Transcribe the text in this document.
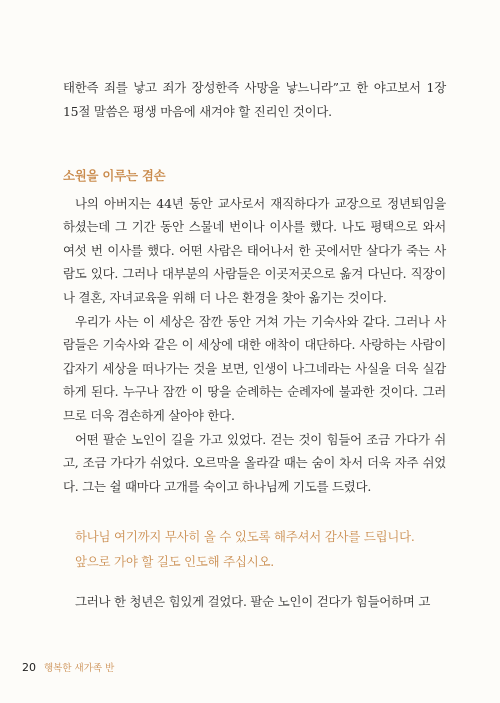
태한즉 죄를 낳고 죄가 장성한즉 사망을 낳느니라”고 한 야고보서 1장 15절 말씀은 평생 마음에 새겨야 할 진리인 것이다.

소원을 이루는 겸손

나의 아버지는 44년 동안 교사로서 재직하다가 교장으로 정년퇴임을 하셨는데 그 기간 동안 스물네 번이나 이사를 했다. 나도 평택으로 와서 여섯 번 이사를 했다. 어떤 사람은 태어나서 한 곳에서만 살다가 죽는 사람도 있다. 그러나 대부분의 사람들은 이곳저곳으로 옮겨 다닌다. 직장이나 결혼, 자녀교육을 위해 더 나은 환경을 찾아 옮기는 것이다.

우리가 사는 이 세상은 잠깐 동안 거쳐 가는 기숙사와 같다. 그러나 사람들은 기숙사와 같은 이 세상에 대한 애착이 대단하다. 사랑하는 사람이 갑자기 세상을 떠나가는 것을 보면, 인생이 나그네라는 사실을 더욱 실감하게 된다. 누구나 잠깐 이 땅을 순례하는 순례자에 불과한 것이다. 그러므로 더욱 겸손하게 살아야 한다.

어떤 팔순 노인이 길을 가고 있었다. 걷는 것이 힘들어 조금 가다가 쉬고, 조금 가다가 쉬었다. 오르막을 올라갈 때는 숨이 차서 더욱 자주 쉬었다. 그는 쉴 때마다 고개를 숙이고 하나님께 기도를 드렸다.

하나님 여기까지 무사히 올 수 있도록 해주셔서 감사를 드립니다.

앞으로 가야 할 길도 인도해 주십시오.

그러나 한 청년은 힘있게 걸었다. 팔순 노인이 걷다가 힘들어하며 고

20 행복한 새가족 반
